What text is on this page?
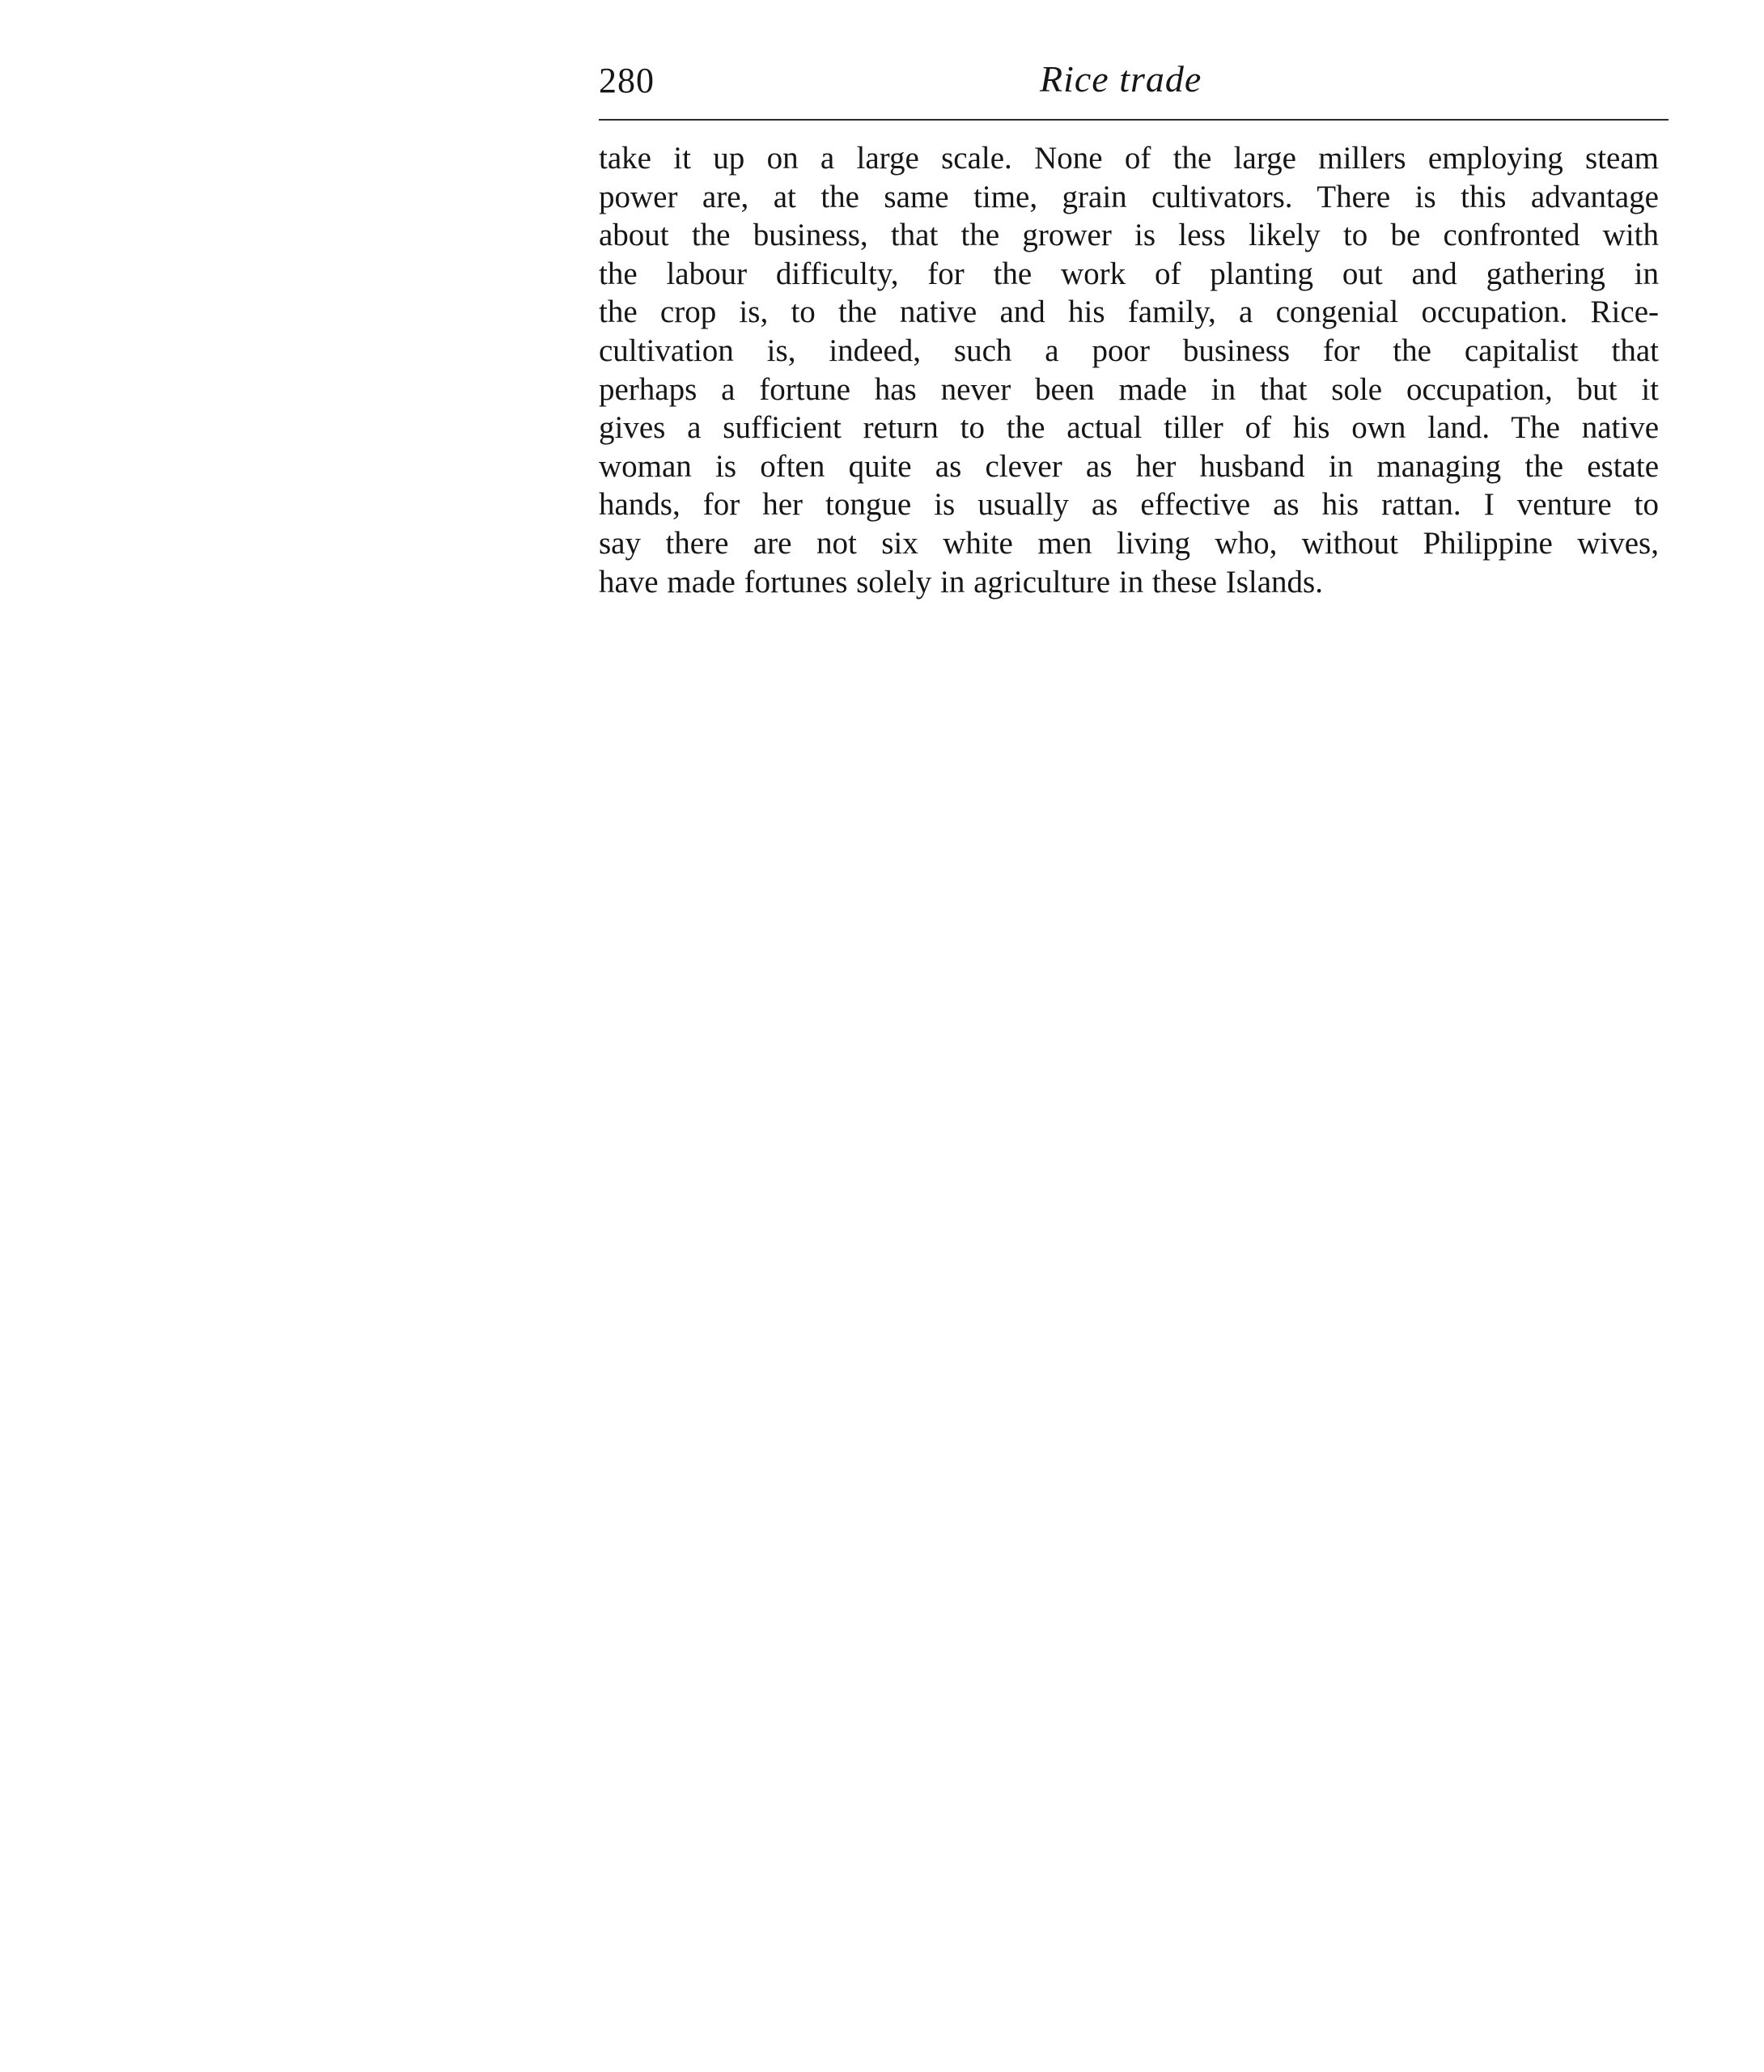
280	Rice trade
take it up on a large scale. None of the large millers employing steam
power are, at the same time, grain cultivators. There is this advantage
about the business, that the grower is less likely to be confronted with
the labour difficulty, for the work of planting out and gathering in
the crop is, to the native and his family, a congenial occupation. Rice-
cultivation is, indeed, such a poor business for the capitalist that
perhaps a fortune has never been made in that sole occupation, but it
gives a sufficient return to the actual tiller of his own land. The native
woman is often quite as clever as her husband in managing the estate
hands, for her tongue is usually as effective as his rattan. I venture to
say there are not six white men living who, without Philippine wives,
have made fortunes solely in agriculture in these Islands.
